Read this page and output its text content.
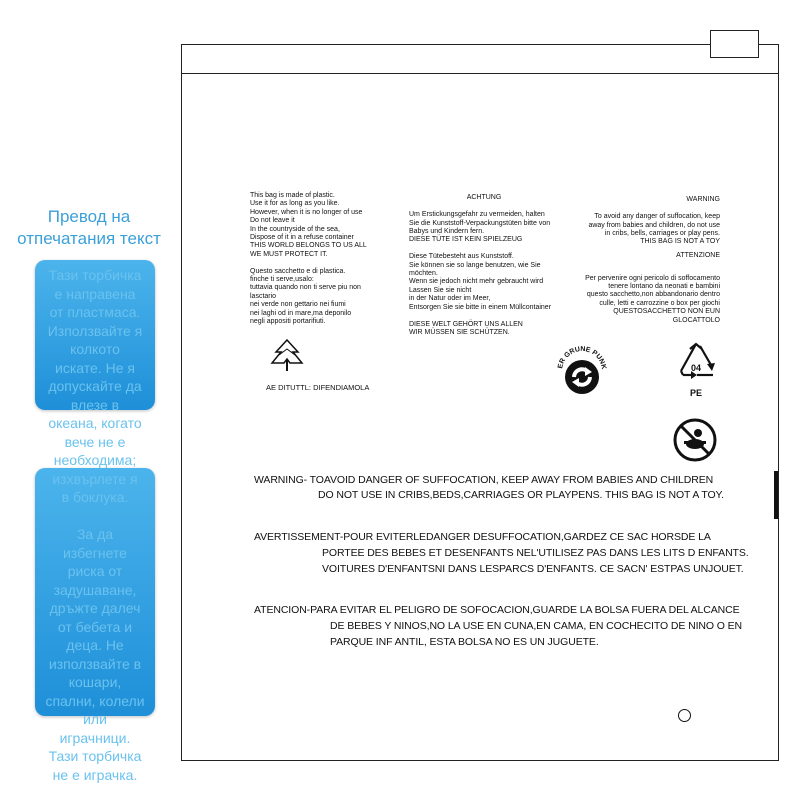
Превод на
отпечатания текст
Тази торбичка
е направена
от пластмаса.
Използвайте я
колкото
искате. Не я
допускайте да
влезе в
океана, когато
вече не е
необходима;
изхвърлете я
в боклука.

За да
избегнете
риска от
задушаване,
дръжте далеч
от бебета и
деца. Не
използвайте в
кошари,
спални, колели
или
играчници.
Тази торбичка
не е играчка.
This bag is made of plastic.
Use it for as long as you like.
However, when it is no longer of use
Do not leave it
In the countryside of the sea,
Dispose of it in a refuse container
THIS WORLD BELONGS TO US ALL
WE MUST PROTECT IT.

Questo sacchetto e di plastica.
finche ti serve,usalo:
tuttavia quando non ti serve piu non lasctario
nei verde non gettario nei fiumi
nei laghi od in mare,ma deponilo
negli appositi portarifiuti.

ACHTUNG

Um Erstickungsgefahr zu vermeiden, halten
Sie die Kunststoff-Verpackungstüten bitte von
Babys und Kindern fern.
DIESE TÜTE IST KEIN SPIELZEUG

Diese Tütebesteht aus Kunststoff.
Sie können sie so lange benutzen, wie Sie möchten.
Wenn sie jedoch nicht mehr gebraucht wird
Lassen Sie sie nicht
in der Natur oder im Meer,
Entsorgen Sie sie bitte in einem Müllcontainer

DIESE WELT GEHÖRT UNS ALLEN
WIR MÜSSEN SIE SCHÜTZEN.

WARNING

To avoid any danger of suffocation, keep
away from babies and children, do not use
in cribs, bells, carriages or play pens.
THIS BAG IS NOT A TOY

ATTENZIONE

Per pervenire ogni pericolo di soffocamento
tenere lontano da neonati e bambini
questo sacchetto,non abbandonario dentro
culle, letti e carrozzine o box per giochi
QUESTOSACCHETTO NON EUN GLOCATTOLO

AE DITUTTL: DIFENDIAMOLA
ER GRUNE PUNK	04
PE
WARNING- TOAVOID DANGER OF SUFFOCATION, KEEP AWAY FROM BABIES AND CHILDREN
DO NOT USE IN CRIBS,BEDS,CARRIAGES OR PLAYPENS. THIS BAG IS NOT A TOY.
AVERTISSEMENT-POUR EVITERLEDANGER DESUFFOCATION,GARDEZ CE SAC HORSDE LA
PORTEE DES BEBES ET DESENFANTS NEL'UTILISEZ PAS DANS LES LITS D ENFANTS.
VOITURES D'ENFANTSNI DANS LESPARCS D'ENFANTS. CE SACN' ESTPAS UNJOUET.
ATENCION-PARA EVITAR EL PELIGRO DE SOFOCACION,GUARDE LA BOLSA FUERA DEL ALCANCE
DE BEBES Y NINOS,NO LA USE EN CUNA,EN CAMA, EN COCHECITO DE NINO O EN
PARQUE INF ANTIL, ESTA BOLSA NO ES UN JUGUETE.
